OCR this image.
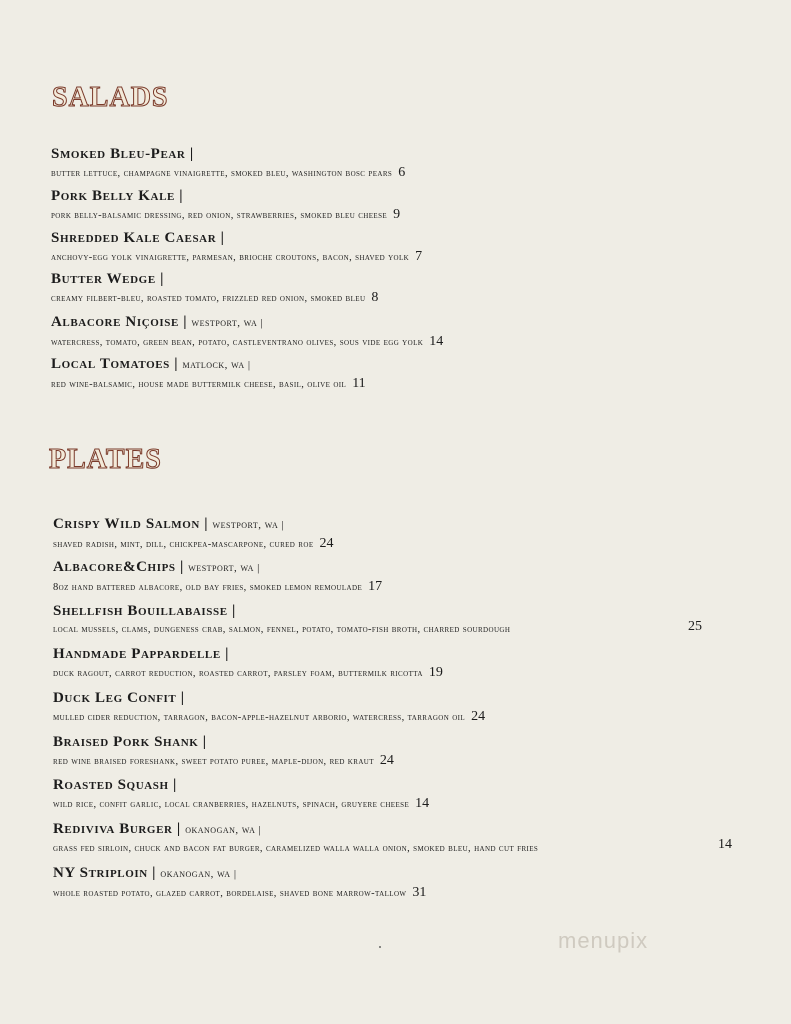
SALADS
Smoked Bleu-Pear |
butter lettuce, champagne vinaigrette, smoked bleu, washington bosc pears 6
Pork Belly Kale |
pork belly-balsamic dressing, red onion, strawberries, smoked bleu cheese 9
Shredded Kale Caesar |
anchovy-egg yolk vinaigrette, parmesan, brioche croutons, bacon, shaved yolk 7
Butter Wedge |
creamy filbert-bleu, roasted tomato, frizzled red onion, smoked bleu 8
Albacore Niçoise | westport, wa |
watercress, tomato, green bean, potato, castleventrano olives, sous vide egg yolk 14
Local Tomatoes | matlock, wa |
red wine-balsamic, house made buttermilk cheese, basil, olive oil 11
PLATES
Crispy Wild Salmon | westport, wa |
shaved radish, mint, dill, chickpea-mascarpone, cured roe 24
Albacore&Chips | westport, wa |
8oz hand battered albacore, old bay fries, smoked lemon remoulade 17
Shellfish Bouillabaisse |
local mussels, clams, dungeness crab, salmon, fennel, potato, tomato-fish broth, charred sourdough	25
Handmade Pappardelle |
duck ragout, carrot reduction, roasted carrot, parsley foam, buttermilk ricotta 19
Duck Leg Confit |
mulled cider reduction, tarragon, bacon-apple-hazelnut arborio, watercress, tarragon oil 24
Braised Pork Shank |
red wine braised foreshank, sweet potato puree, maple-dijon, red kraut 24
Roasted Squash |
wild rice, confit garlic, local cranberries, hazelnuts, spinach, gruyere cheese 14
Rediviva Burger | okanogan, wa |
grass fed sirloin, chuck and bacon fat burger, caramelized walla walla onion, smoked bleu, hand cut fries	14
NY Striploin | okanogan, wa |
whole roasted potato, glazed carrot, bordelaise, shaved bone marrow-tallow 31
menupix
